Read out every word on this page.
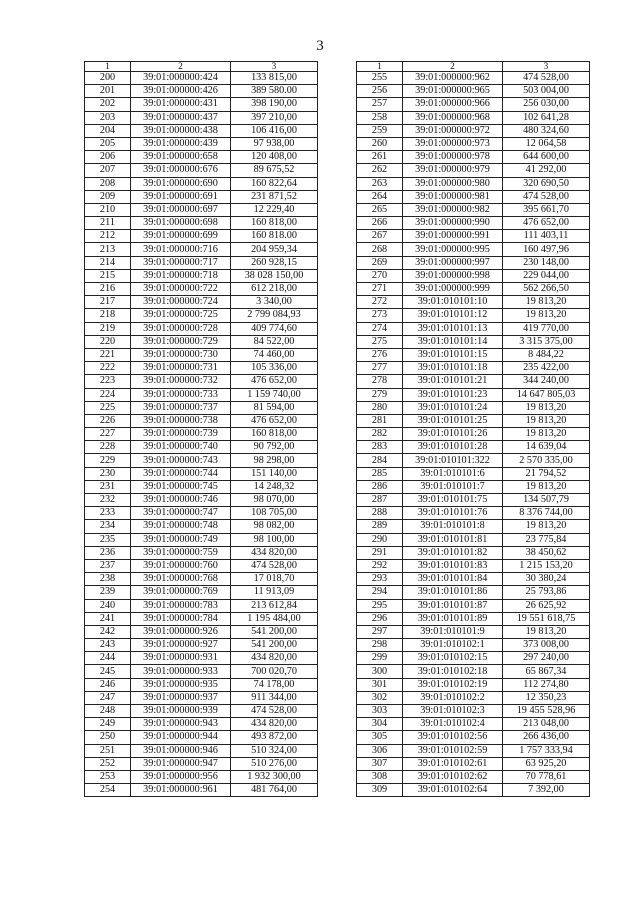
3
1	2	3
200	39:01:000000:424	133 815,00
201	39:01:000000:426	389 580.00
202	39:01:000000:431	398 190,00
203	39:01:000000:437	397 210,00
204	39:01:000000:438	106 416,00
205	39:01:000000:439	97 938,00
206	39:01:000000:658	120 408,00
207	39:01:000000:676	89 675,52
208	39:01:000000:690	160 822,64
209	39:01:000000:691	231 871,52
210	39:01:000000:697	12 229,40
211	39:01:000000:698	160 818,00
212	39:01:000000:699	160 818.00
213	39:01:000000:716	204 959,34
214	39:01:000000:717	260 928,15
215	39:01:000000:718	38 028 150,00
216	39:01:000000:722	612 218,00
217	39:01:000000:724	3 340,00
218	39:01:000000:725	2 799 084,93
219	39:01:000000:728	409 774,60
220	39:01:000000:729	84 522,00
221	39:01:000000:730	74 460,00
222	39:01:000000:731	105 336,00
223	39:01:000000:732	476 652,00
224	39:01:000000:733	1 159 740,00
225	39:01:000000:737	81 594,00
226	39:01:000000:738	476 652,00
227	39:01:000000:739	160 818,00
228	39:01:000000:740	90 792,00
229	39:01:000000:743	98 298,00
230	39:01:000000:744	151 140,00
231	39:01:000000:745	14 248,32
232	39:01:000000:746	98 070,00
233	39:01:000000:747	108 705,00
234	39:01:000000:748	98 082,00
235	39:01:000000:749	98 100,00
236	39:01:000000:759	434 820,00
237	39:01:000000:760	474 528,00
238	39:01:000000:768	17 018,70
239	39:01:000000:769	11 913,09
240	39:01:000000:783	213 612,84
241	39:01:000000:784	1 195 484,00
242	39:01:000000:926	541 200,00
243	39:01:000000:927	541 200,00
244	39:01:000000:931	434 820,00
245	39:01:000000:933	700 020,70
246	39:01:000000:935	74 178,00
247	39:01:000000:937	911 344,00
248	39:01:000000:939	474 528,00
249	39:01:000000:943	434 820,00
250	39:01:000000:944	493 872,00
251	39:01:000000:946	510 324,00
252	39:01:000000:947	510 276,00
253	39:01:000000:956	1 932 300,00
254	39:01:000000:961	481 764,00
1	2	3
255	39:01:000000:962	474 528,00
256	39:01:000000:965	503 004,00
257	39:01:000000:966	256 030,00
258	39:01:000000:968	102 641,28
259	39:01:000000:972	480 324,60
260	39:01:000000:973	12 064,58
261	39:01:000000:978	644 600,00
262	39:01:000000:979	41 292,00
263	39:01:000000:980	320 690,50
264	39:01:000000:981	474 528,00
265	39:01:000000:982	395 661,70
266	39:01:000000:990	476 652,00
267	39:01:000000:991	111 403,11
268	39:01:000000:995	160 497,96
269	39:01:000000:997	230 148,00
270	39:01:000000:998	229 044,00
271	39:01:000000:999	562 266,50
272	39:01:010101:10	19 813,20
273	39:01:010101:12	19 813,20
274	39:01:010101:13	419 770,00
275	39:01:010101:14	3 315 375,00
276	39:01:010101:15	8 484,22
277	39:01:010101:18	235 422,00
278	39:01:010101:21	344 240,00
279	39:01:010101:23	14 647 805,03
280	39:01:010101:24	19 813,20
281	39:01:010101:25	19 813,20
282	39:01:010101:26	19 813,20
283	39:01:010101:28	14 639,04
284	39:01:010101:322	2 570 335,00
285	39:01:010101:6	21 794,52
286	39:01:010101:7	19 813,20
287	39:01:010101:75	134 507,79
288	39:01:010101:76	8 376 744,00
289	39:01:010101:8	19 813,20
290	39:01:010101:81	23 775,84
291	39:01:010101:82	38 450,62
292	39:01:010101:83	1 215 153,20
293	39:01:010101:84	30 380,24
294	39:01:010101:86	25 793,86
295	39:01:010101:87	26 625,92
296	39:01:010101:89	19 551 618,75
297	39:01:010101:9	19 813,20
298	39:01:010102:1	373 008,00
299	39:01:010102:15	297 240,00
300	39:01:010102:18	65 867,34
301	39:01:010102:19	112 274,80
302	39:01:010102:2	12 350,23
303	39:01:010102:3	19 455 528,96
304	39:01:010102:4	213 048,00
305	39:01:010102:56	266 436,00
306	39:01:010102:59	1 757 333,94
307	39:01:010102:61	63 925,20
308	39:01:010102:62	70 778,61
309	39:01:010102:64	7 392,00
